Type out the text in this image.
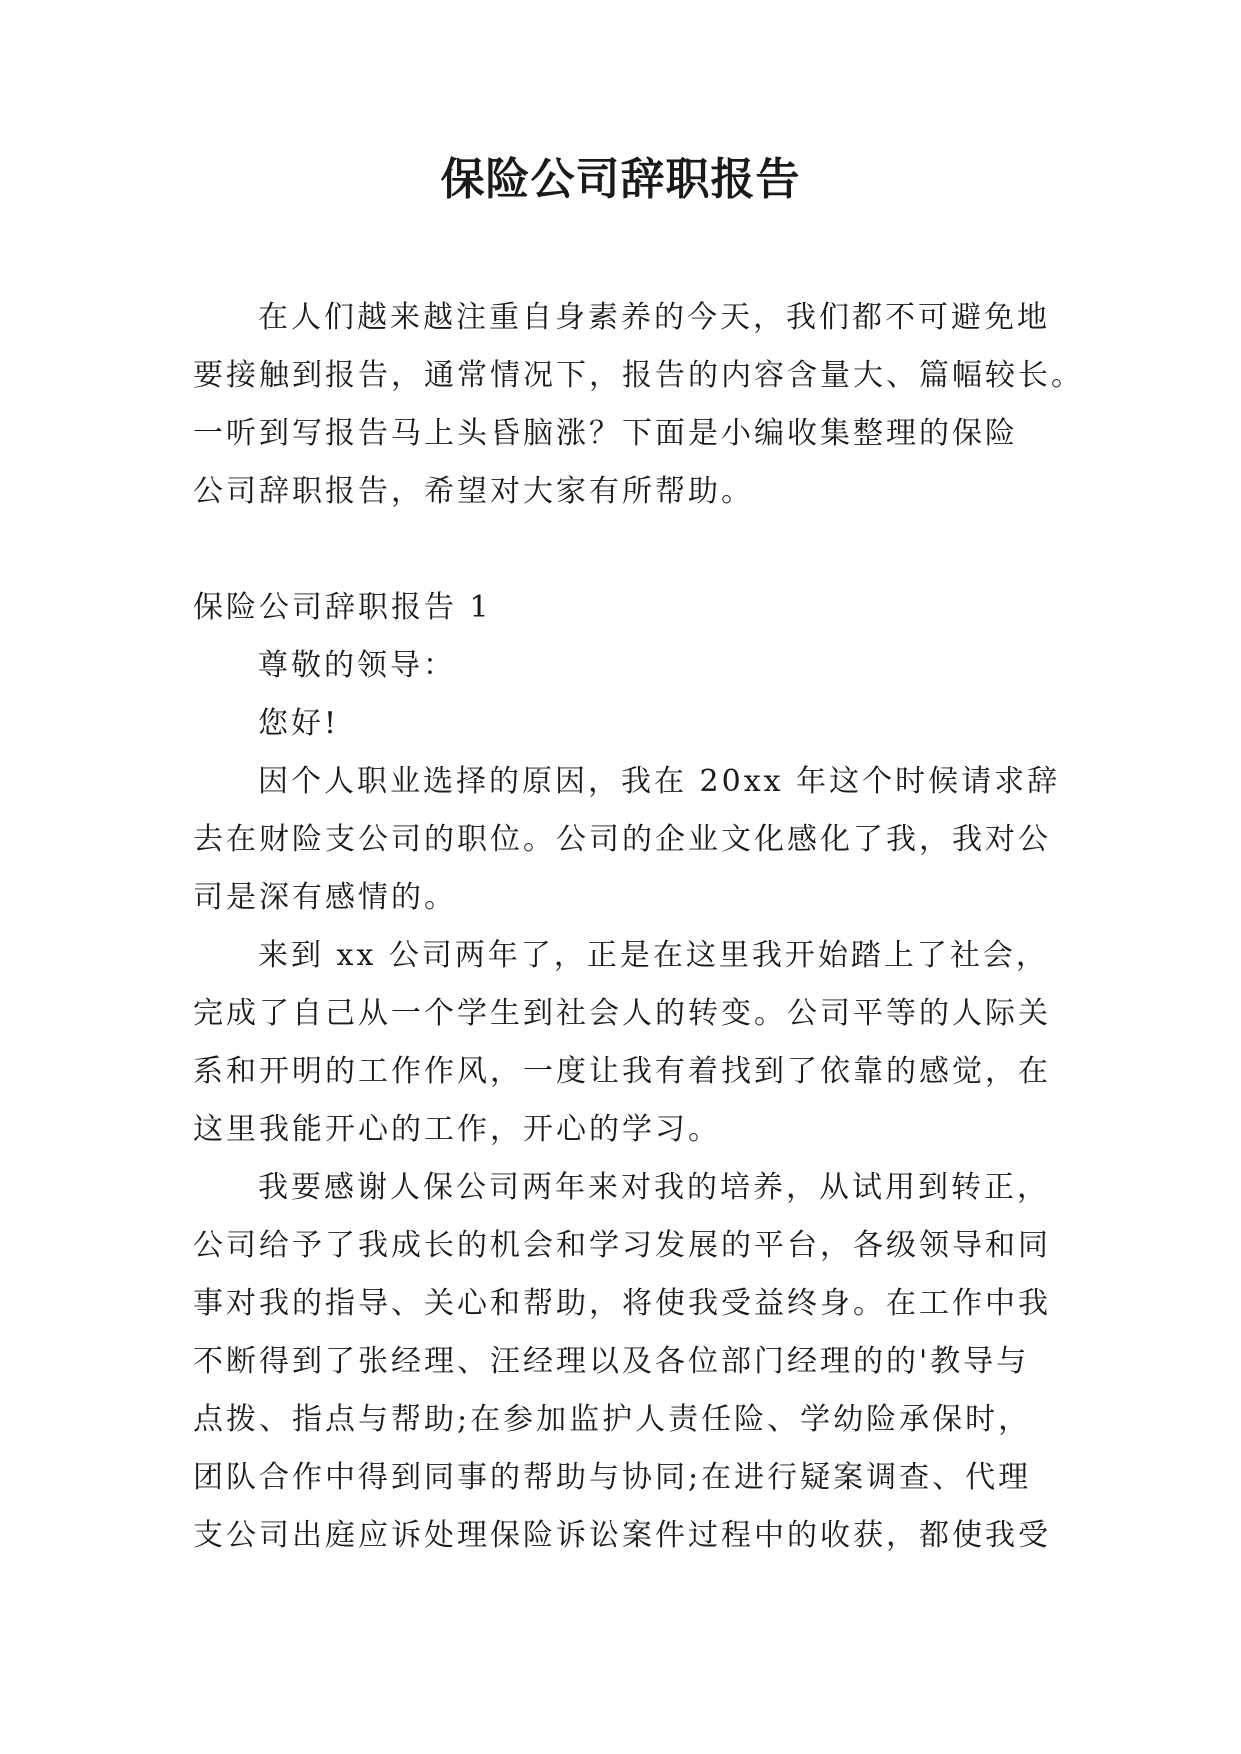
保险公司辞职报告
在人们越来越注重自身素养的今天，我们都不可避免地
要接触到报告，通常情况下，报告的内容含量大、篇幅较长。
一听到写报告马上头昏脑涨？下面是小编收集整理的保险
公司辞职报告，希望对大家有所帮助。
保险公司辞职报告 1
尊敬的领导：
您好!
因个人职业选择的原因，我在 20xx 年这个时候请求辞
去在财险支公司的职位。公司的企业文化感化了我，我对公
司是深有感情的。
来到 xx 公司两年了，正是在这里我开始踏上了社会，
完成了自己从一个学生到社会人的转变。公司平等的人际关
系和开明的工作作风，一度让我有着找到了依靠的感觉，在
这里我能开心的工作，开心的学习。
我要感谢人保公司两年来对我的培养，从试用到转正，
公司给予了我成长的机会和学习发展的平台，各级领导和同
事对我的指导、关心和帮助，将使我受益终身。在工作中我
不断得到了张经理、汪经理以及各位部门经理的的'教导与
点拨、指点与帮助;在参加监护人责任险、学幼险承保时，
团队合作中得到同事的帮助与协同;在进行疑案调查、代理
支公司出庭应诉处理保险诉讼案件过程中的收获，都使我受
